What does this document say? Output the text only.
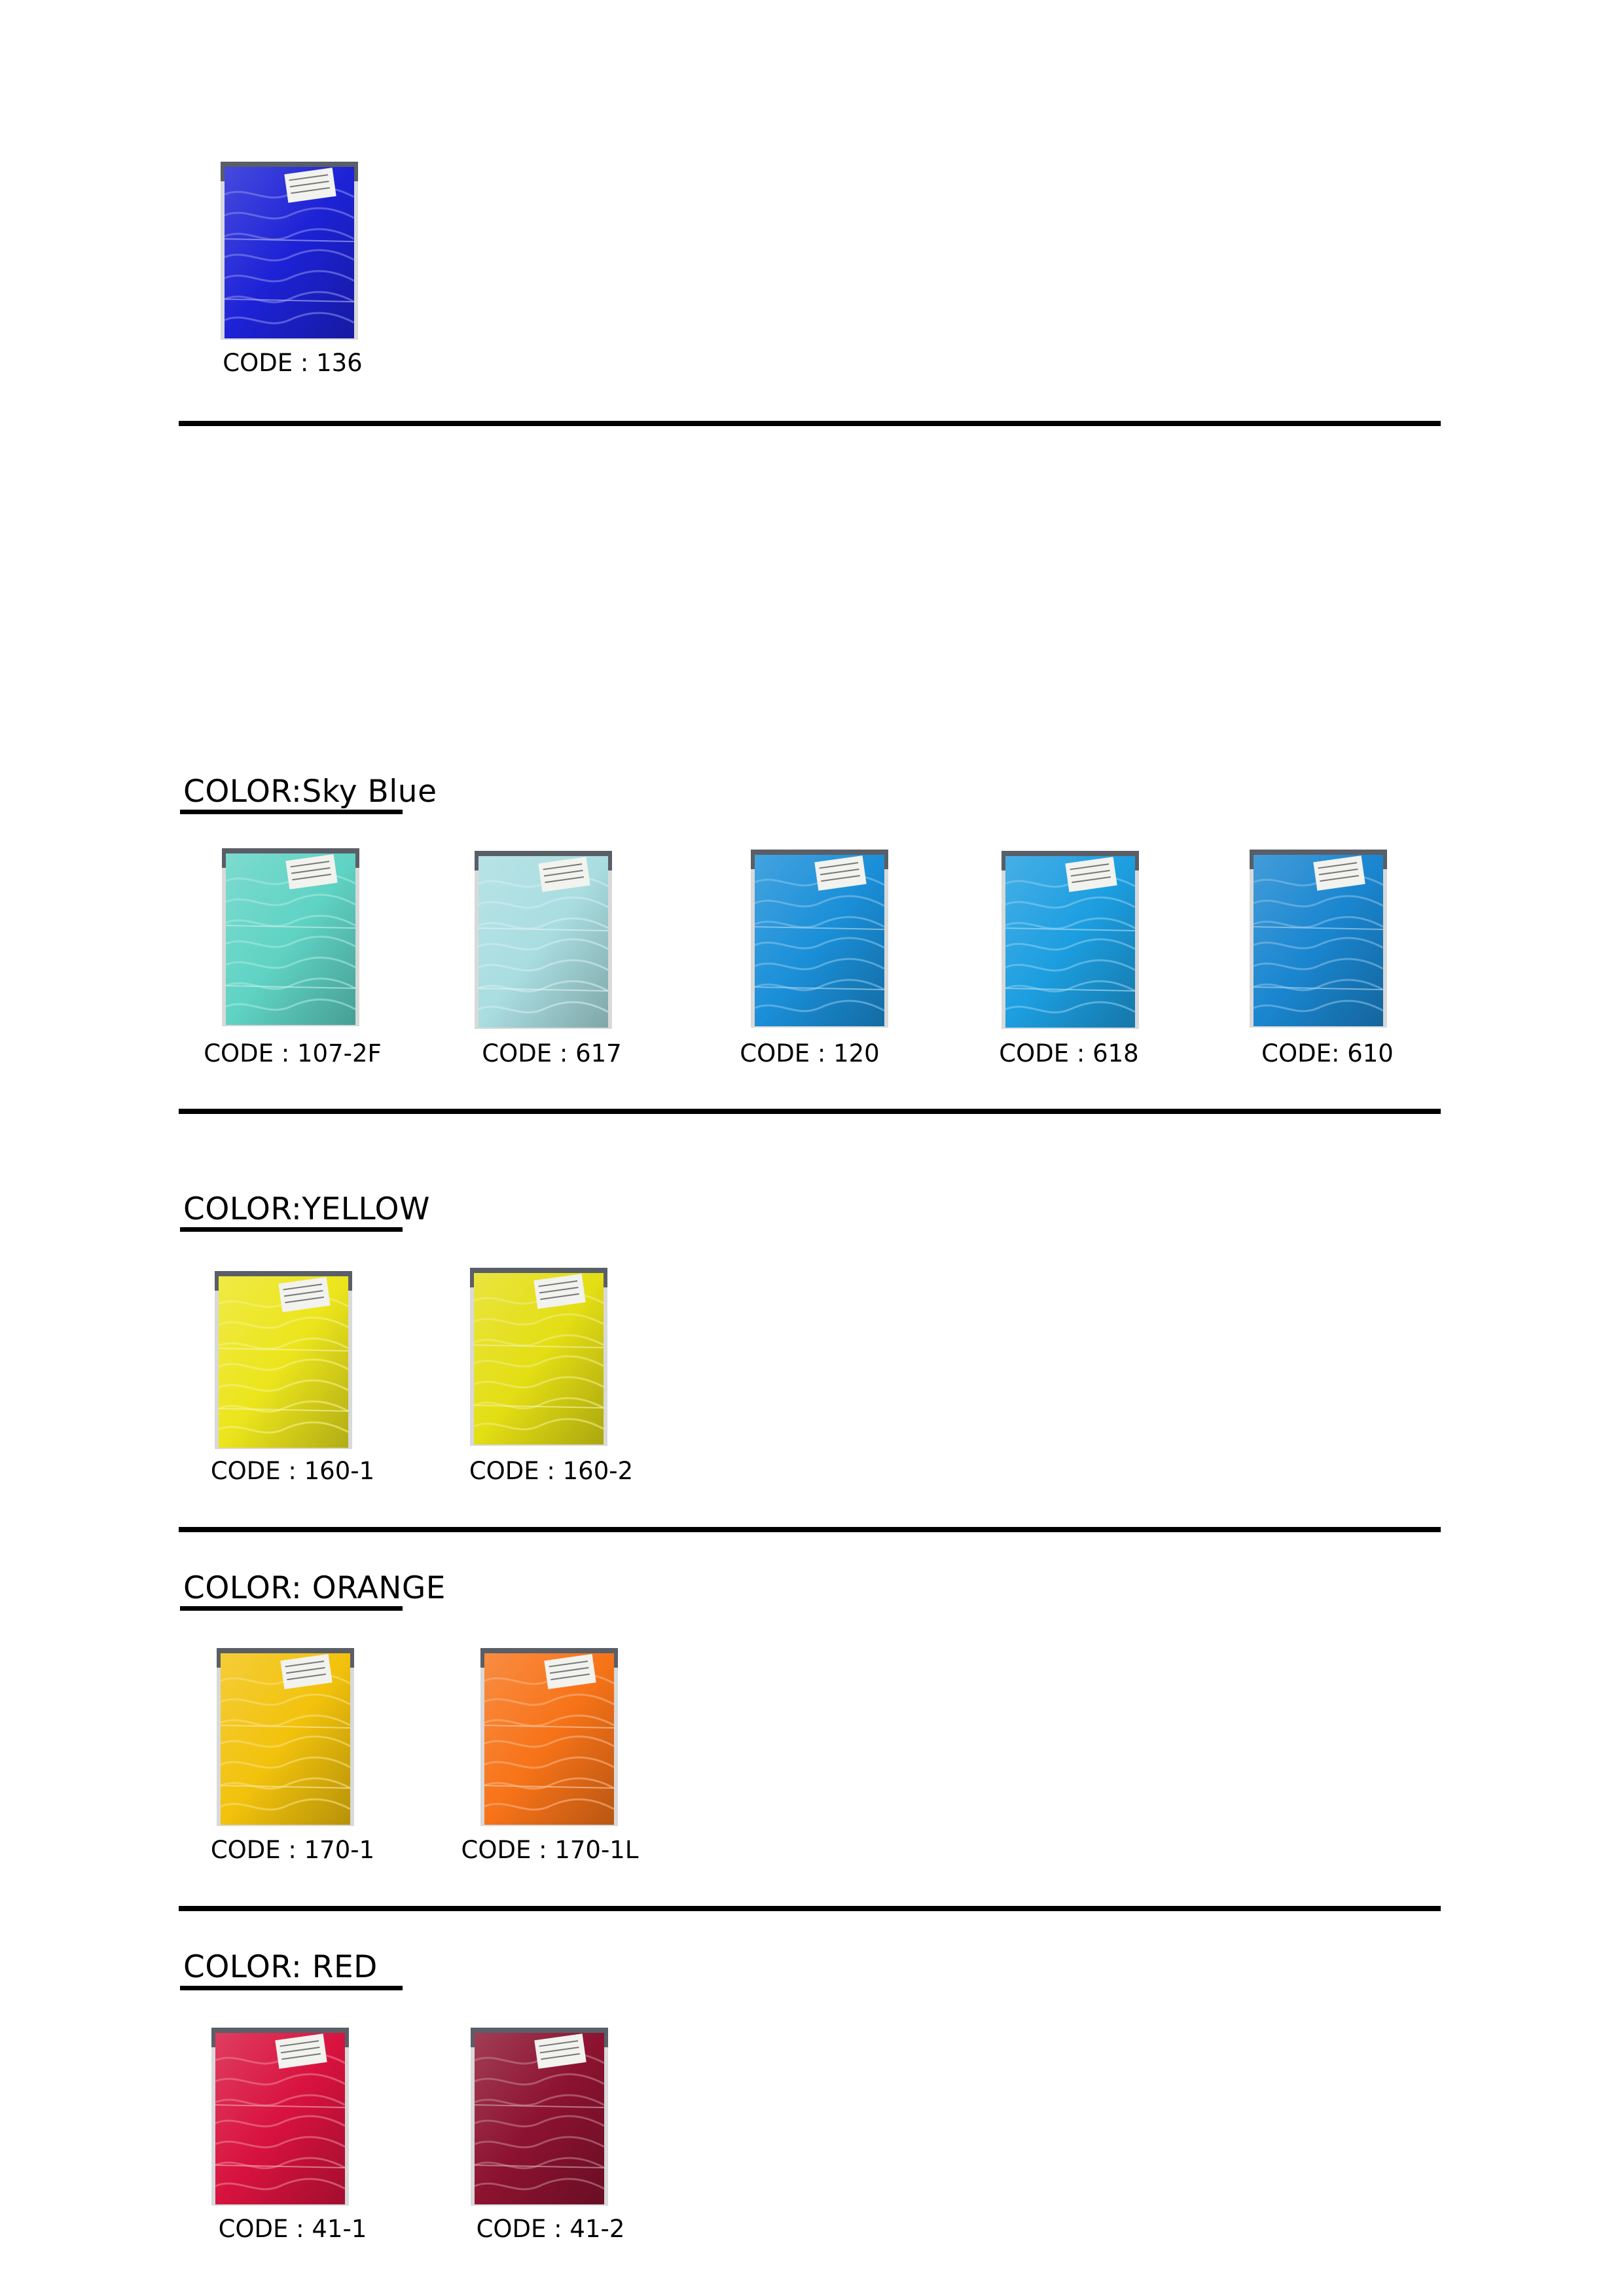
CODE : 136
COLOR:Sky Blue
CODE : 107-2F	CODE : 617	CODE : 120	CODE : 618	CODE: 610
COLOR:YELLOW
CODE : 160-1	CODE : 160-2
COLOR: ORANGE
CODE : 170-1	CODE : 170-1L
COLOR: RED
CODE : 41-1	CODE : 41-2
